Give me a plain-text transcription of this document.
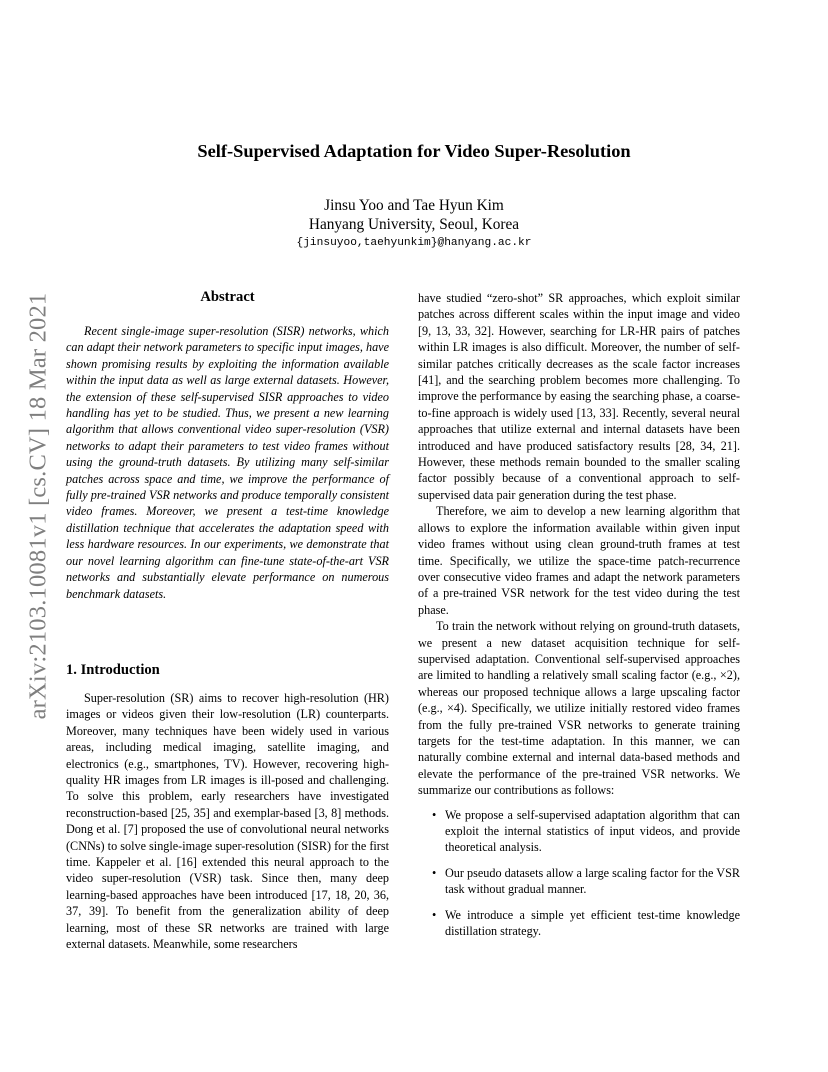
arXiv:2103.10081v1 [cs.CV] 18 Mar 2021
Self-Supervised Adaptation for Video Super-Resolution
Jinsu Yoo and Tae Hyun Kim
Hanyang University, Seoul, Korea
{jinsuyoo,taehyunkim}@hanyang.ac.kr
Abstract

Recent single-image super-resolution (SISR) networks, which can adapt their network parameters to specific input images, have shown promising results by exploiting the information available within the input data as well as large external datasets. However, the extension of these self-supervised SISR approaches to video handling has yet to be studied. Thus, we present a new learning algorithm that allows conventional video super-resolution (VSR) networks to adapt their parameters to test video frames without using the ground-truth datasets. By utilizing many self-similar patches across space and time, we improve the performance of fully pre-trained VSR networks and produce temporally consistent video frames. Moreover, we present a test-time knowledge distillation technique that accelerates the adaptation speed with less hardware resources. In our experiments, we demonstrate that our novel learning algorithm can fine-tune state-of-the-art VSR networks and substantially elevate performance on numerous benchmark datasets.

1. Introduction

Super-resolution (SR) aims to recover high-resolution (HR) images or videos given their low-resolution (LR) counterparts. Moreover, many techniques have been widely used in various areas, including medical imaging, satellite imaging, and electronics (e.g., smartphones, TV). However, recovering high-quality HR images from LR images is ill-posed and challenging. To solve this problem, early researchers have investigated reconstruction-based [25, 35] and exemplar-based [3, 8] methods. Dong et al. [7] proposed the use of convolutional neural networks (CNNs) to solve single-image super-resolution (SISR) for the first time. Kappeler et al. [16] extended this neural approach to the video super-resolution (VSR) task. Since then, many deep learning-based approaches have been introduced [17, 18, 20, 36, 37, 39]. To benefit from the generalization ability of deep learning, most of these SR networks are trained with large external datasets. Meanwhile, some researchers

have studied “zero-shot” SR approaches, which exploit similar patches across different scales within the input image and video [9, 13, 33, 32]. However, searching for LR-HR pairs of patches within LR images is also difficult. Moreover, the number of self-similar patches critically decreases as the scale factor increases [41], and the searching problem becomes more challenging. To improve the performance by easing the searching phase, a coarse-to-fine approach is widely used [13, 33]. Recently, several neural approaches that utilize external and internal datasets have been introduced and have produced satisfactory results [28, 34, 21]. However, these methods remain bounded to the smaller scaling factor possibly because of a conventional approach to self-supervised data pair generation during the test phase.

Therefore, we aim to develop a new learning algorithm that allows to explore the information available within given input video frames without using clean ground-truth frames at test time. Specifically, we utilize the space-time patch-recurrence over consecutive video frames and adapt the network parameters of a pre-trained VSR network for the test video during the test phase.

To train the network without relying on ground-truth datasets, we present a new dataset acquisition technique for self-supervised adaptation. Conventional self-supervised approaches are limited to handling a relatively small scaling factor (e.g., ×2), whereas our proposed technique allows a large upscaling factor (e.g., ×4). Specifically, we utilize initially restored video frames from the fully pre-trained VSR networks to generate training targets for the test-time adaptation. In this manner, we can naturally combine external and internal data-based methods and elevate the performance of the pre-trained VSR networks. We summarize our contributions as follows:

• We propose a self-supervised adaptation algorithm that can exploit the internal statistics of input videos, and provide theoretical analysis.
• Our pseudo datasets allow a large scaling factor for the VSR task without gradual manner.
• We introduce a simple yet efficient test-time knowledge distillation strategy.
